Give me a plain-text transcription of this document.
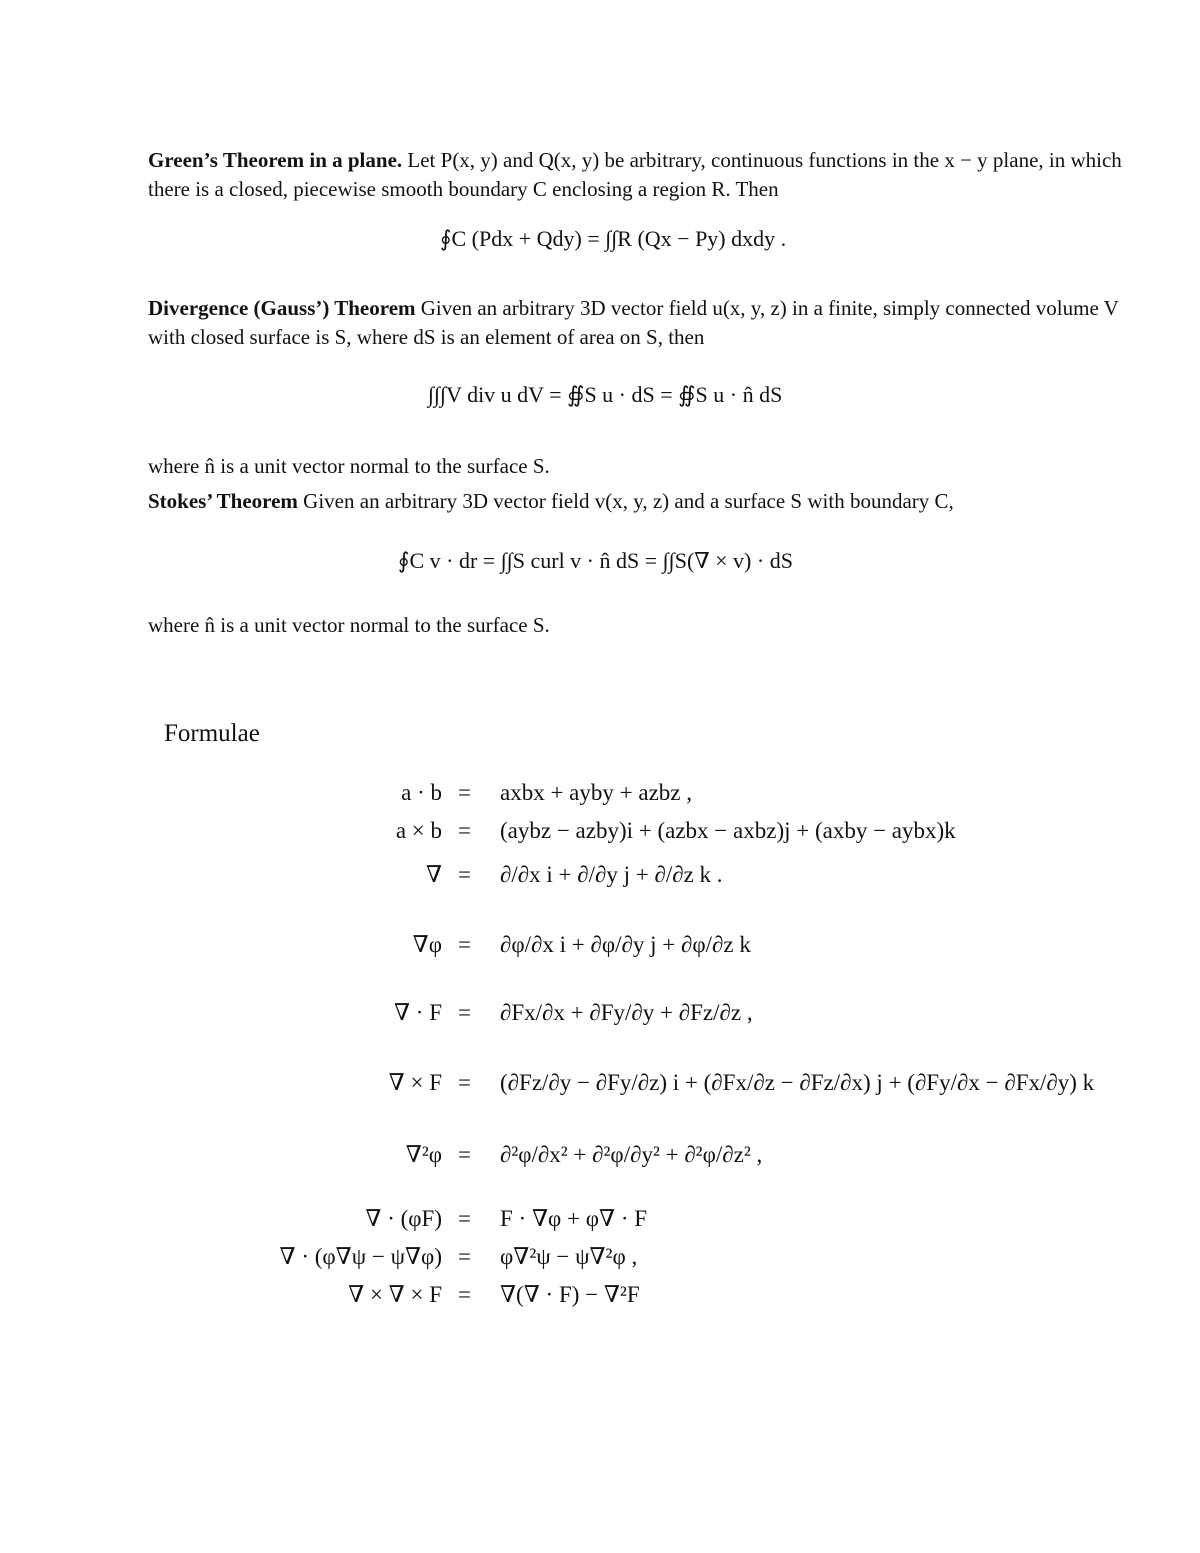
Green’s Theorem in a plane. Let P(x, y) and Q(x, y) be arbitrary, continuous functions in the x − y plane, in which there is a closed, piecewise smooth boundary C enclosing a region R. Then
∮C (Pdx + Qdy) = ∫∫R (Qx − Py) dxdy .
Divergence (Gauss’) Theorem Given an arbitrary 3D vector field u(x, y, z) in a finite, simply connected volume V with closed surface is S, where dS is an element of area on S, then
∫∫∫V div u dV = ∯S u · dS = ∯S u · n̂ dS
where n̂ is a unit vector normal to the surface S.
Stokes’ Theorem Given an arbitrary 3D vector field v(x, y, z) and a surface S with boundary C,
∮C v · dr = ∫∫S curl v · n̂ dS = ∫∫S(∇ × v) · dS
where n̂ is a unit vector normal to the surface S.
Formulae
a · b = axbx + ayby + azbz ,
a × b = (aybz − azby)i + (azbx − axbz)j + (axby − aybx)k
∇ = ∂/∂x i + ∂/∂y j + ∂/∂z k .
∇φ = ∂φ/∂x i + ∂φ/∂y j + ∂φ/∂z k
∇ · F = ∂Fx/∂x + ∂Fy/∂y + ∂Fz/∂z ,
∇ × F = (∂Fz/∂y − ∂Fy/∂z) i + (∂Fx/∂z − ∂Fz/∂x) j + (∂Fy/∂x − ∂Fx/∂y) k
∇²φ = ∂²φ/∂x² + ∂²φ/∂y² + ∂²φ/∂z² ,
∇ · (φF) = F · ∇φ + φ∇ · F
∇ · (φ∇ψ − ψ∇φ) = φ∇²ψ − ψ∇²φ ,
∇ × ∇ × F = ∇(∇ · F) − ∇²F
